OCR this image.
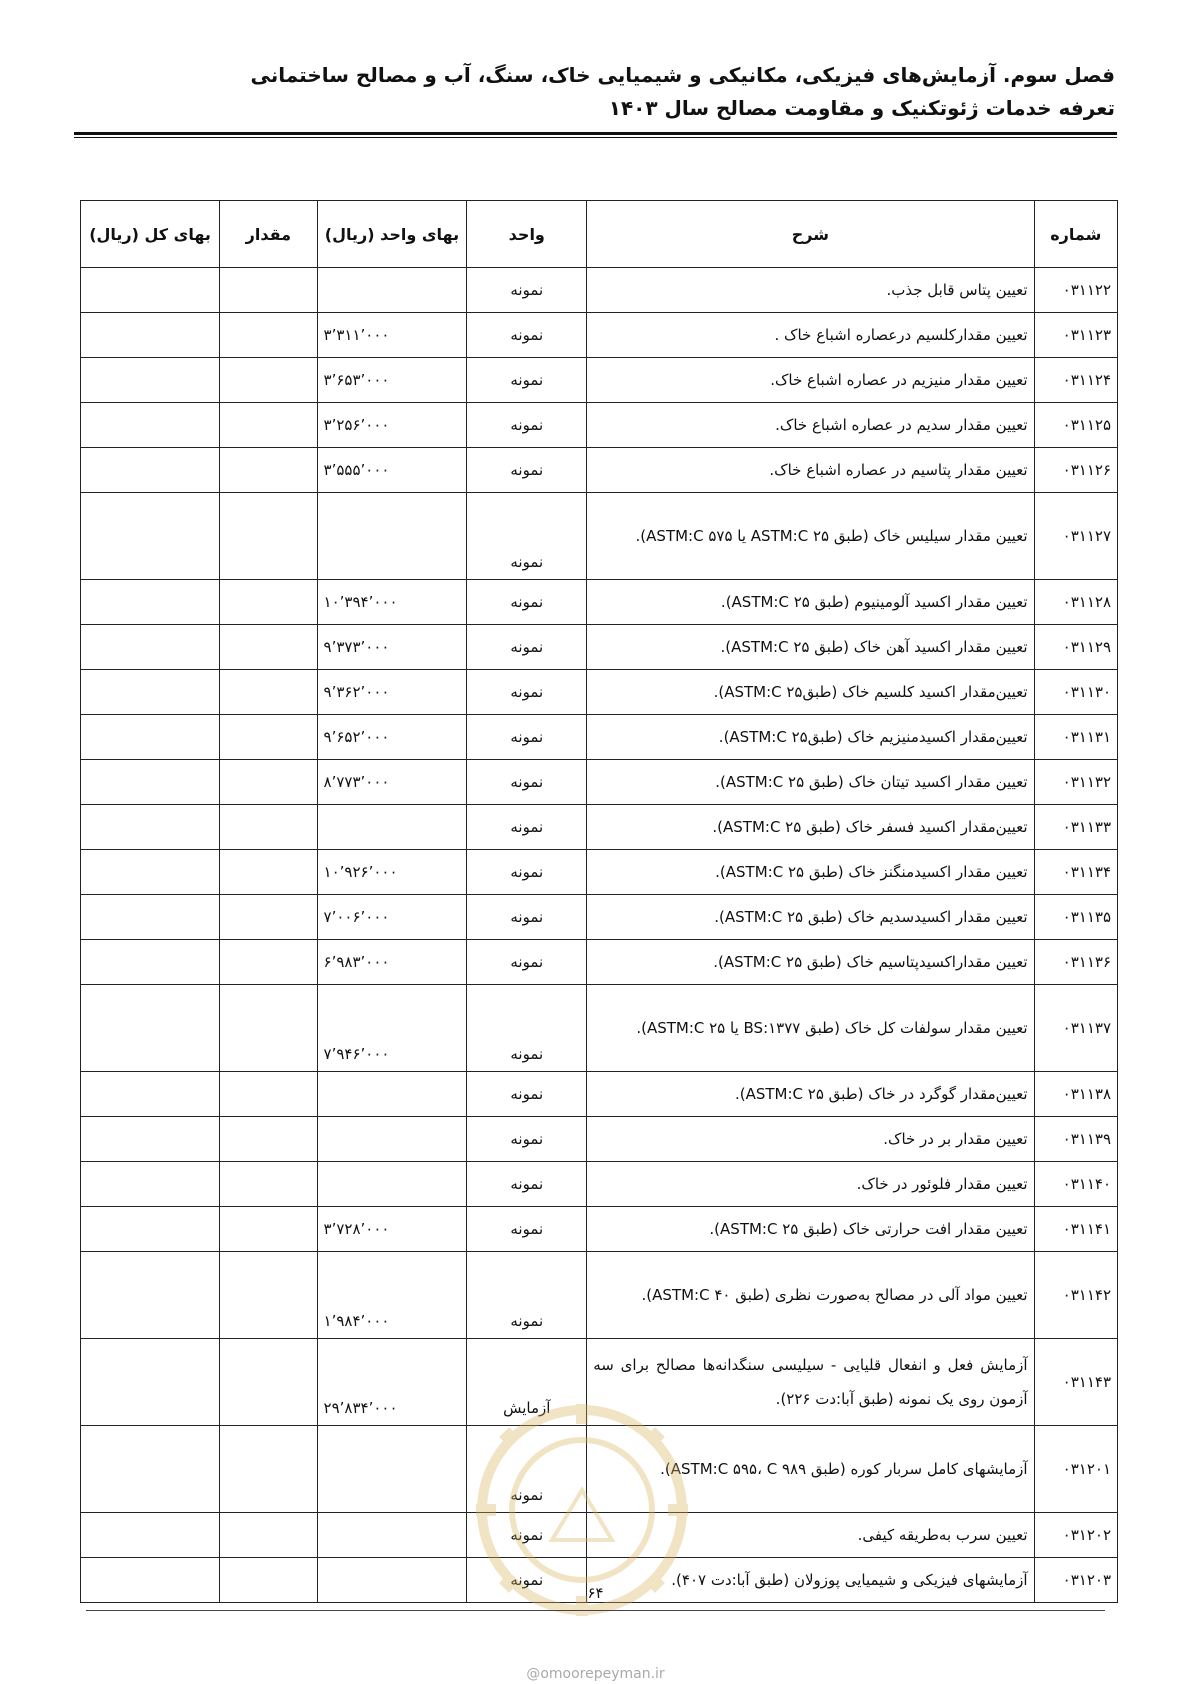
فصل سوم. آزمایش‌های فیزیکی، مکانیکی و شیمیایی خاک، سنگ، آب و مصالح ساختمانی
تعرفه خدمات ژئوتکنیک و مقاومت مصالح سال ۱۴۰۳
شماره	شرح	واحد	بهای واحد (ریال)	مقدار	بهای کل (ریال)
۰۳۱۱۲۲	تعیین پتاس قابل جذب.	نمونه			
۰۳۱۱۲۳	تعیین مقدارکلسیم درعصاره اشباع خاک .	نمونه	۳٬۳۱۱٬۰۰۰		
۰۳۱۱۲۴	تعیین مقدار منیزیم در عصاره اشباع خاک.	نمونه	۳٬۶۵۳٬۰۰۰		
۰۳۱۱۲۵	تعیین مقدار سدیم در عصاره اشباع خاک.	نمونه	۳٬۲۵۶٬۰۰۰		
۰۳۱۱۲۶	تعیین مقدار پتاسیم در عصاره اشباع خاک.	نمونه	۳٬۵۵۵٬۰۰۰		
۰۳۱۱۲۷	تعیین مقدار سیلیس خاک (طبق ASTM:C ۲۵ یا ASTM:C ۵۷۵).	نمونه			
۰۳۱۱۲۸	تعیین مقدار اکسید آلومینیوم (طبق ASTM:C ۲۵).	نمونه	۱۰٬۳۹۴٬۰۰۰		
۰۳۱۱۲۹	تعیین مقدار اکسید آهن خاک (طبق ASTM:C ۲۵).	نمونه	۹٬۳۷۳٬۰۰۰		
۰۳۱۱۳۰	تعیین‌مقدار اکسید کلسیم خاک (طبق‌ASTM:C ۲۵).	نمونه	۹٬۳۶۲٬۰۰۰		
۰۳۱۱۳۱	تعیین‌مقدار اکسیدمنیزیم خاک (طبق‌ASTM:C ۲۵).	نمونه	۹٬۶۵۲٬۰۰۰		
۰۳۱۱۳۲	تعیین مقدار اکسید تیتان خاک (طبق ASTM:C ۲۵).	نمونه	۸٬۷۷۳٬۰۰۰		
۰۳۱۱۳۳	تعیین‌مقدار اکسید فسفر خاک (طبق ASTM:C ۲۵).	نمونه			
۰۳۱۱۳۴	تعیین مقدار اکسیدمنگنز خاک (طبق ASTM:C ۲۵).	نمونه	۱۰٬۹۲۶٬۰۰۰		
۰۳۱۱۳۵	تعیین مقدار اکسیدسدیم خاک (طبق ASTM:C ۲۵).	نمونه	۷٬۰۰۶٬۰۰۰		
۰۳۱۱۳۶	تعیین مقداراکسیدپتاسیم خاک (طبق ASTM:C ۲۵).	نمونه	۶٬۹۸۳٬۰۰۰		
۰۳۱۱۳۷	تعیین مقدار سولفات کل خاک (طبق BS:۱۳۷۷ یا ASTM:C ۲۵).	نمونه	۷٬۹۴۶٬۰۰۰		
۰۳۱۱۳۸	تعیین‌مقدار گوگرد در خاک (طبق ASTM:C ۲۵).	نمونه			
۰۳۱۱۳۹	تعیین مقدار بر در خاک.	نمونه			
۰۳۱۱۴۰	تعیین مقدار فلوئور در خاک.	نمونه			
۰۳۱۱۴۱	تعیین مقدار افت حرارتی خاک (طبق ASTM:C ۲۵).	نمونه	۳٬۷۲۸٬۰۰۰		
۰۳۱۱۴۲	تعیین مواد آلی در مصالح به‌صورت نظری (طبق ASTM:C ۴۰).	نمونه	۱٬۹۸۴٬۰۰۰		
۰۳۱۱۴۳	آزمایش فعل و انفعال قلیایی - سیلیسی سنگدانه‌ها مصالح برای سه آزمون روی یک نمونه (طبق آبا:دت ۲۲۶).	آزمایش	۲۹٬۸۳۴٬۰۰۰		
۰۳۱۲۰۱	آزمایشهای کامل سربار کوره (طبق ASTM:C ۵۹۵، C ۹۸۹).	نمونه			
۰۳۱۲۰۲	تعیین سرب به‌طریقه کیفی.	نمونه			
۰۳۱۲۰۳	آزمایشهای فیزیکی و شیمیایی پوزولان (طبق آبا:دت ۴۰۷).	نمونه			
۶۴
@omoorepeyman.ir
